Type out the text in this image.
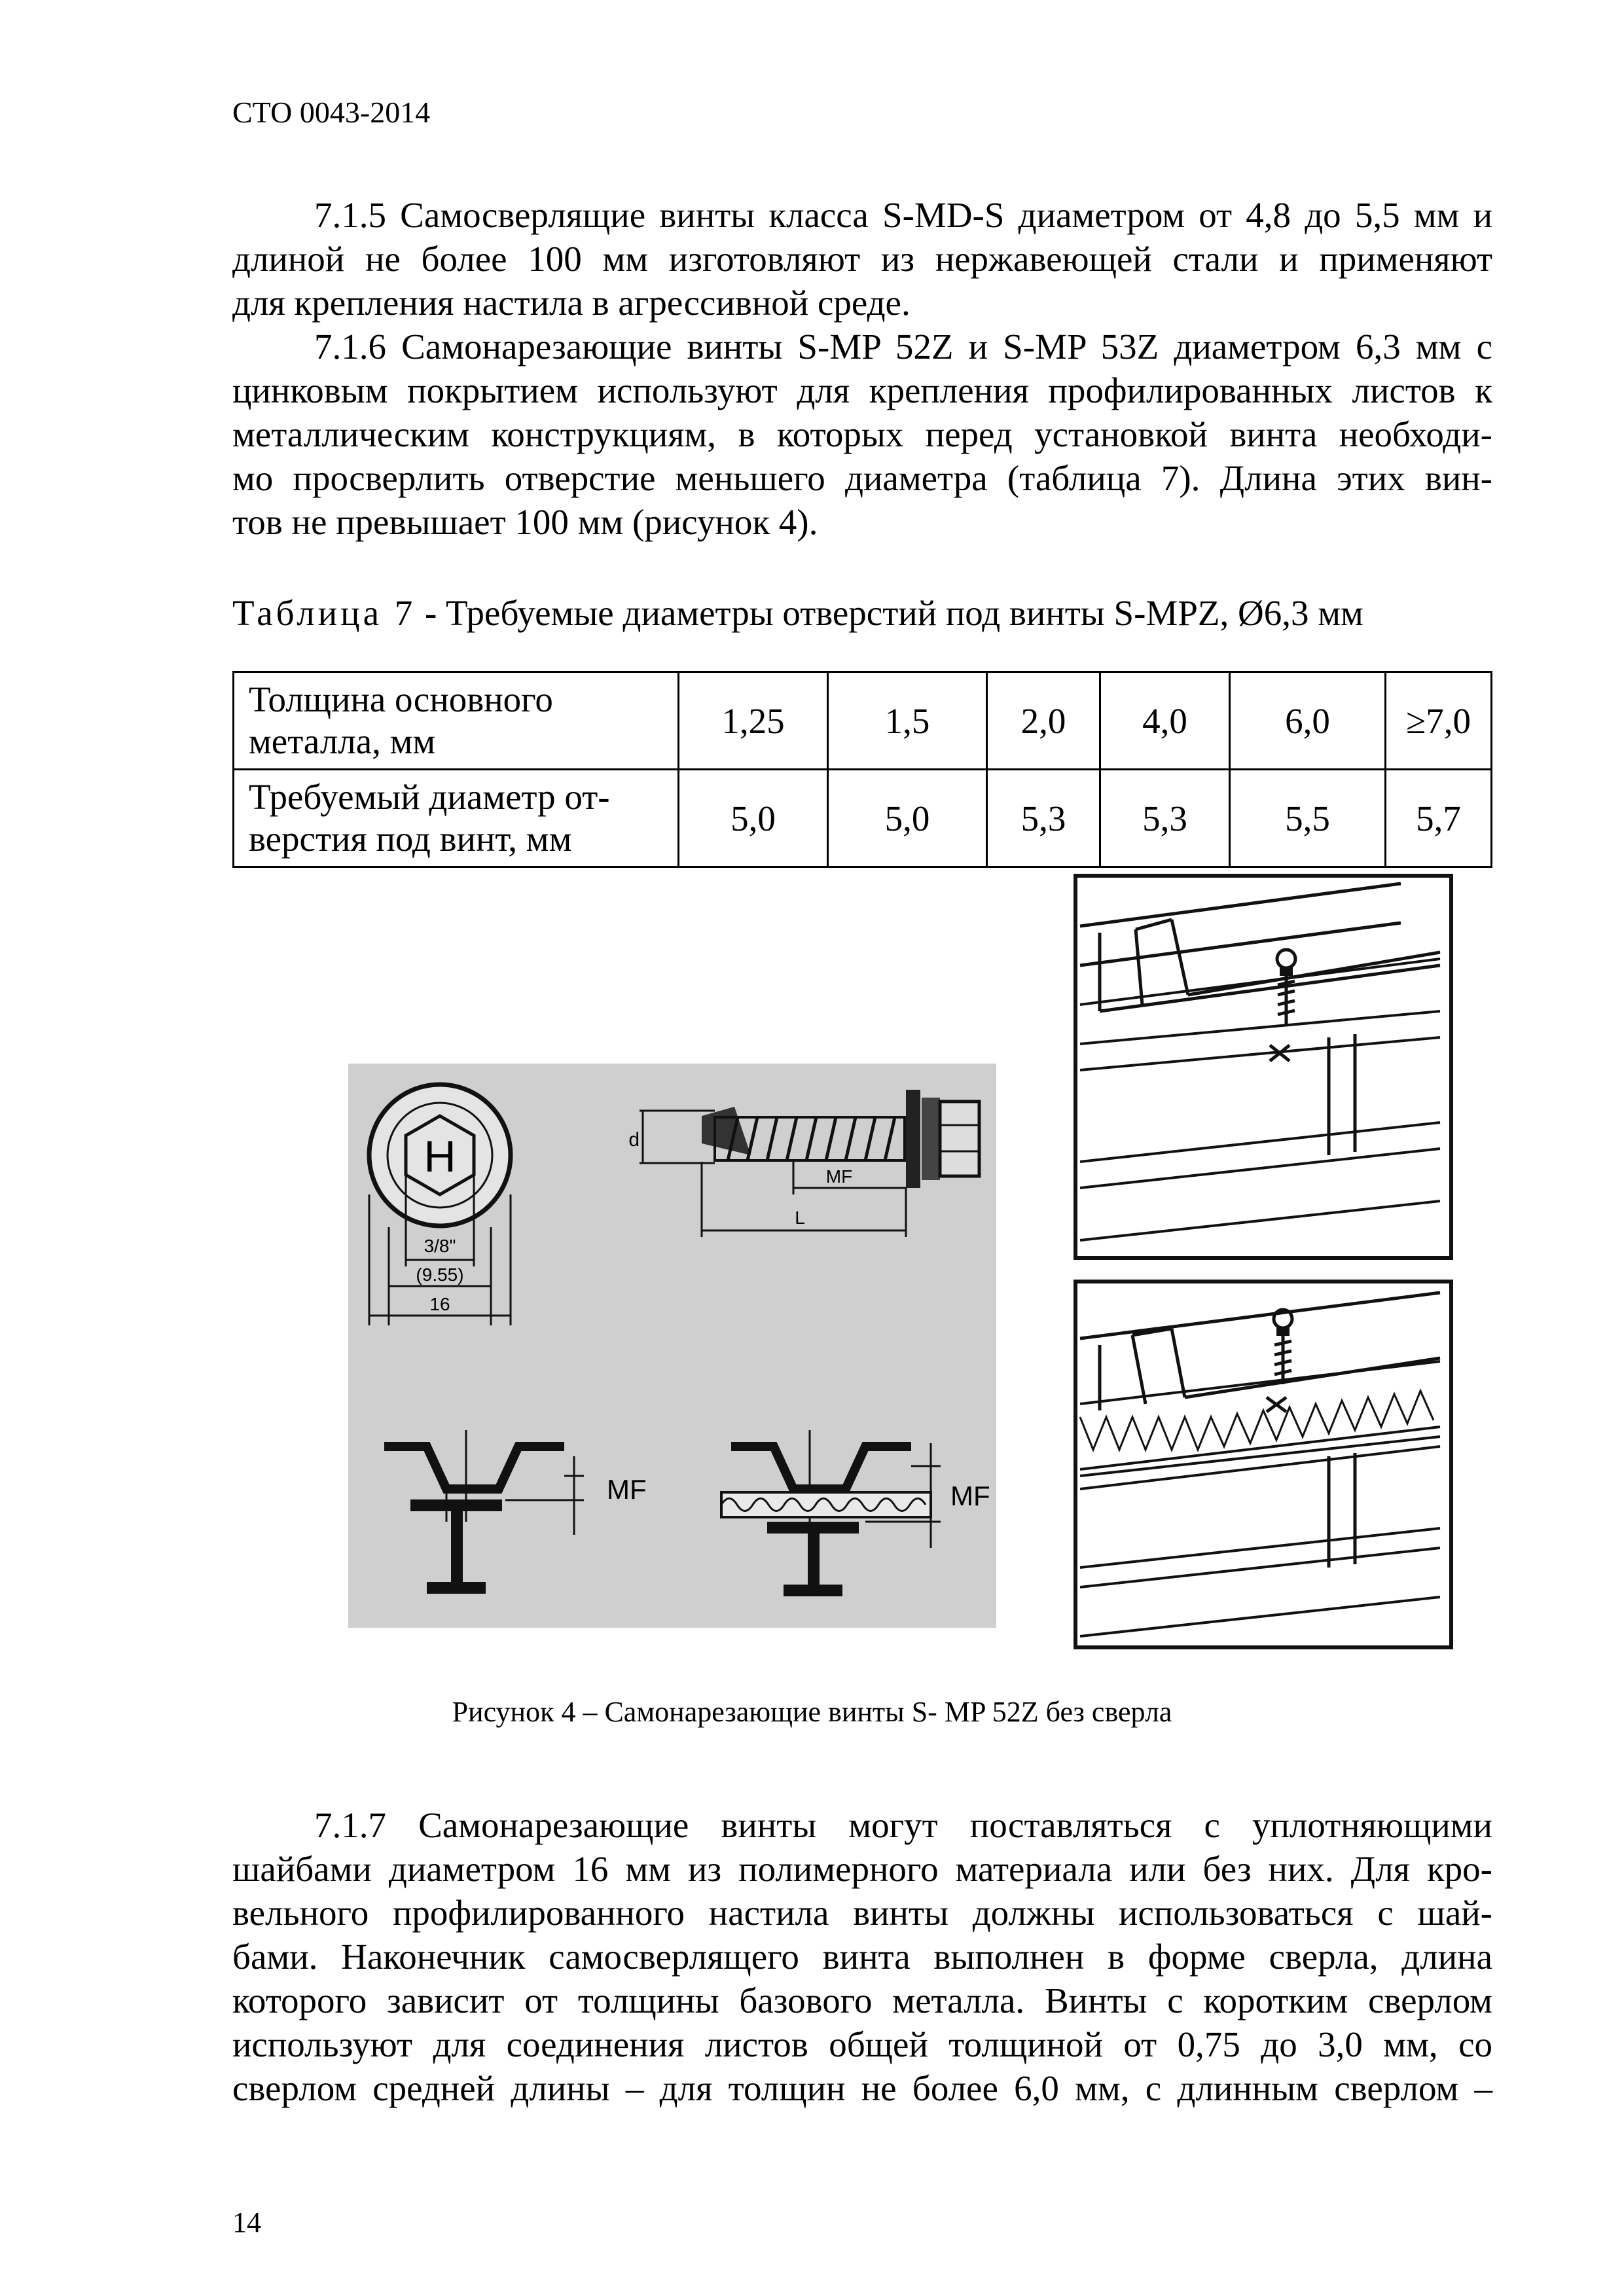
СТО 0043-2014
7.1.5 Самосверлящие винты класса S-MD-S диаметром от 4,8 до 5,5 мм и
длиной не более 100 мм изготовляют из нержавеющей стали и применяют
для крепления настила в агрессивной среде.
7.1.6 Самонарезающие винты S-MP 52Z и S-MP 53Z диаметром 6,3 мм с
цинковым покрытием используют для крепления профилированных листов к
металлическим конструкциям, в которых перед установкой винта необходи-
мо просверлить отверстие меньшего диаметра (таблица 7). Длина этих вин-
тов не превышает 100 мм (рисунок 4).
Таблица 7 - Требуемые диаметры отверстий под винты S-MPZ, Ø6,3 мм
Толщина основного
металла, мм	1,25	1,5	2,0	4,0	6,0	≥7,0

Требуемый диаметр от-
верстия под винт, мм	5,0	5,0	5,3	5,3	5,5	5,7
H
3/8"
(9.55)
16
d
MF
L
MF	MF
Рисунок 4 – Самонарезающие винты S- MP 52Z без сверла
7.1.7 Самонарезающие винты могут поставляться с уплотняющими
шайбами диаметром 16 мм из полимерного материала или без них. Для кро-
вельного профилированного настила винты должны использоваться с шай-
бами. Наконечник самосверлящего винта выполнен в форме сверла, длина
которого зависит от толщины базового металла. Винты с коротким сверлом
используют для соединения листов общей толщиной от 0,75 до 3,0 мм, со
сверлом средней длины – для толщин не более 6,0 мм, с длинным сверлом –
14
